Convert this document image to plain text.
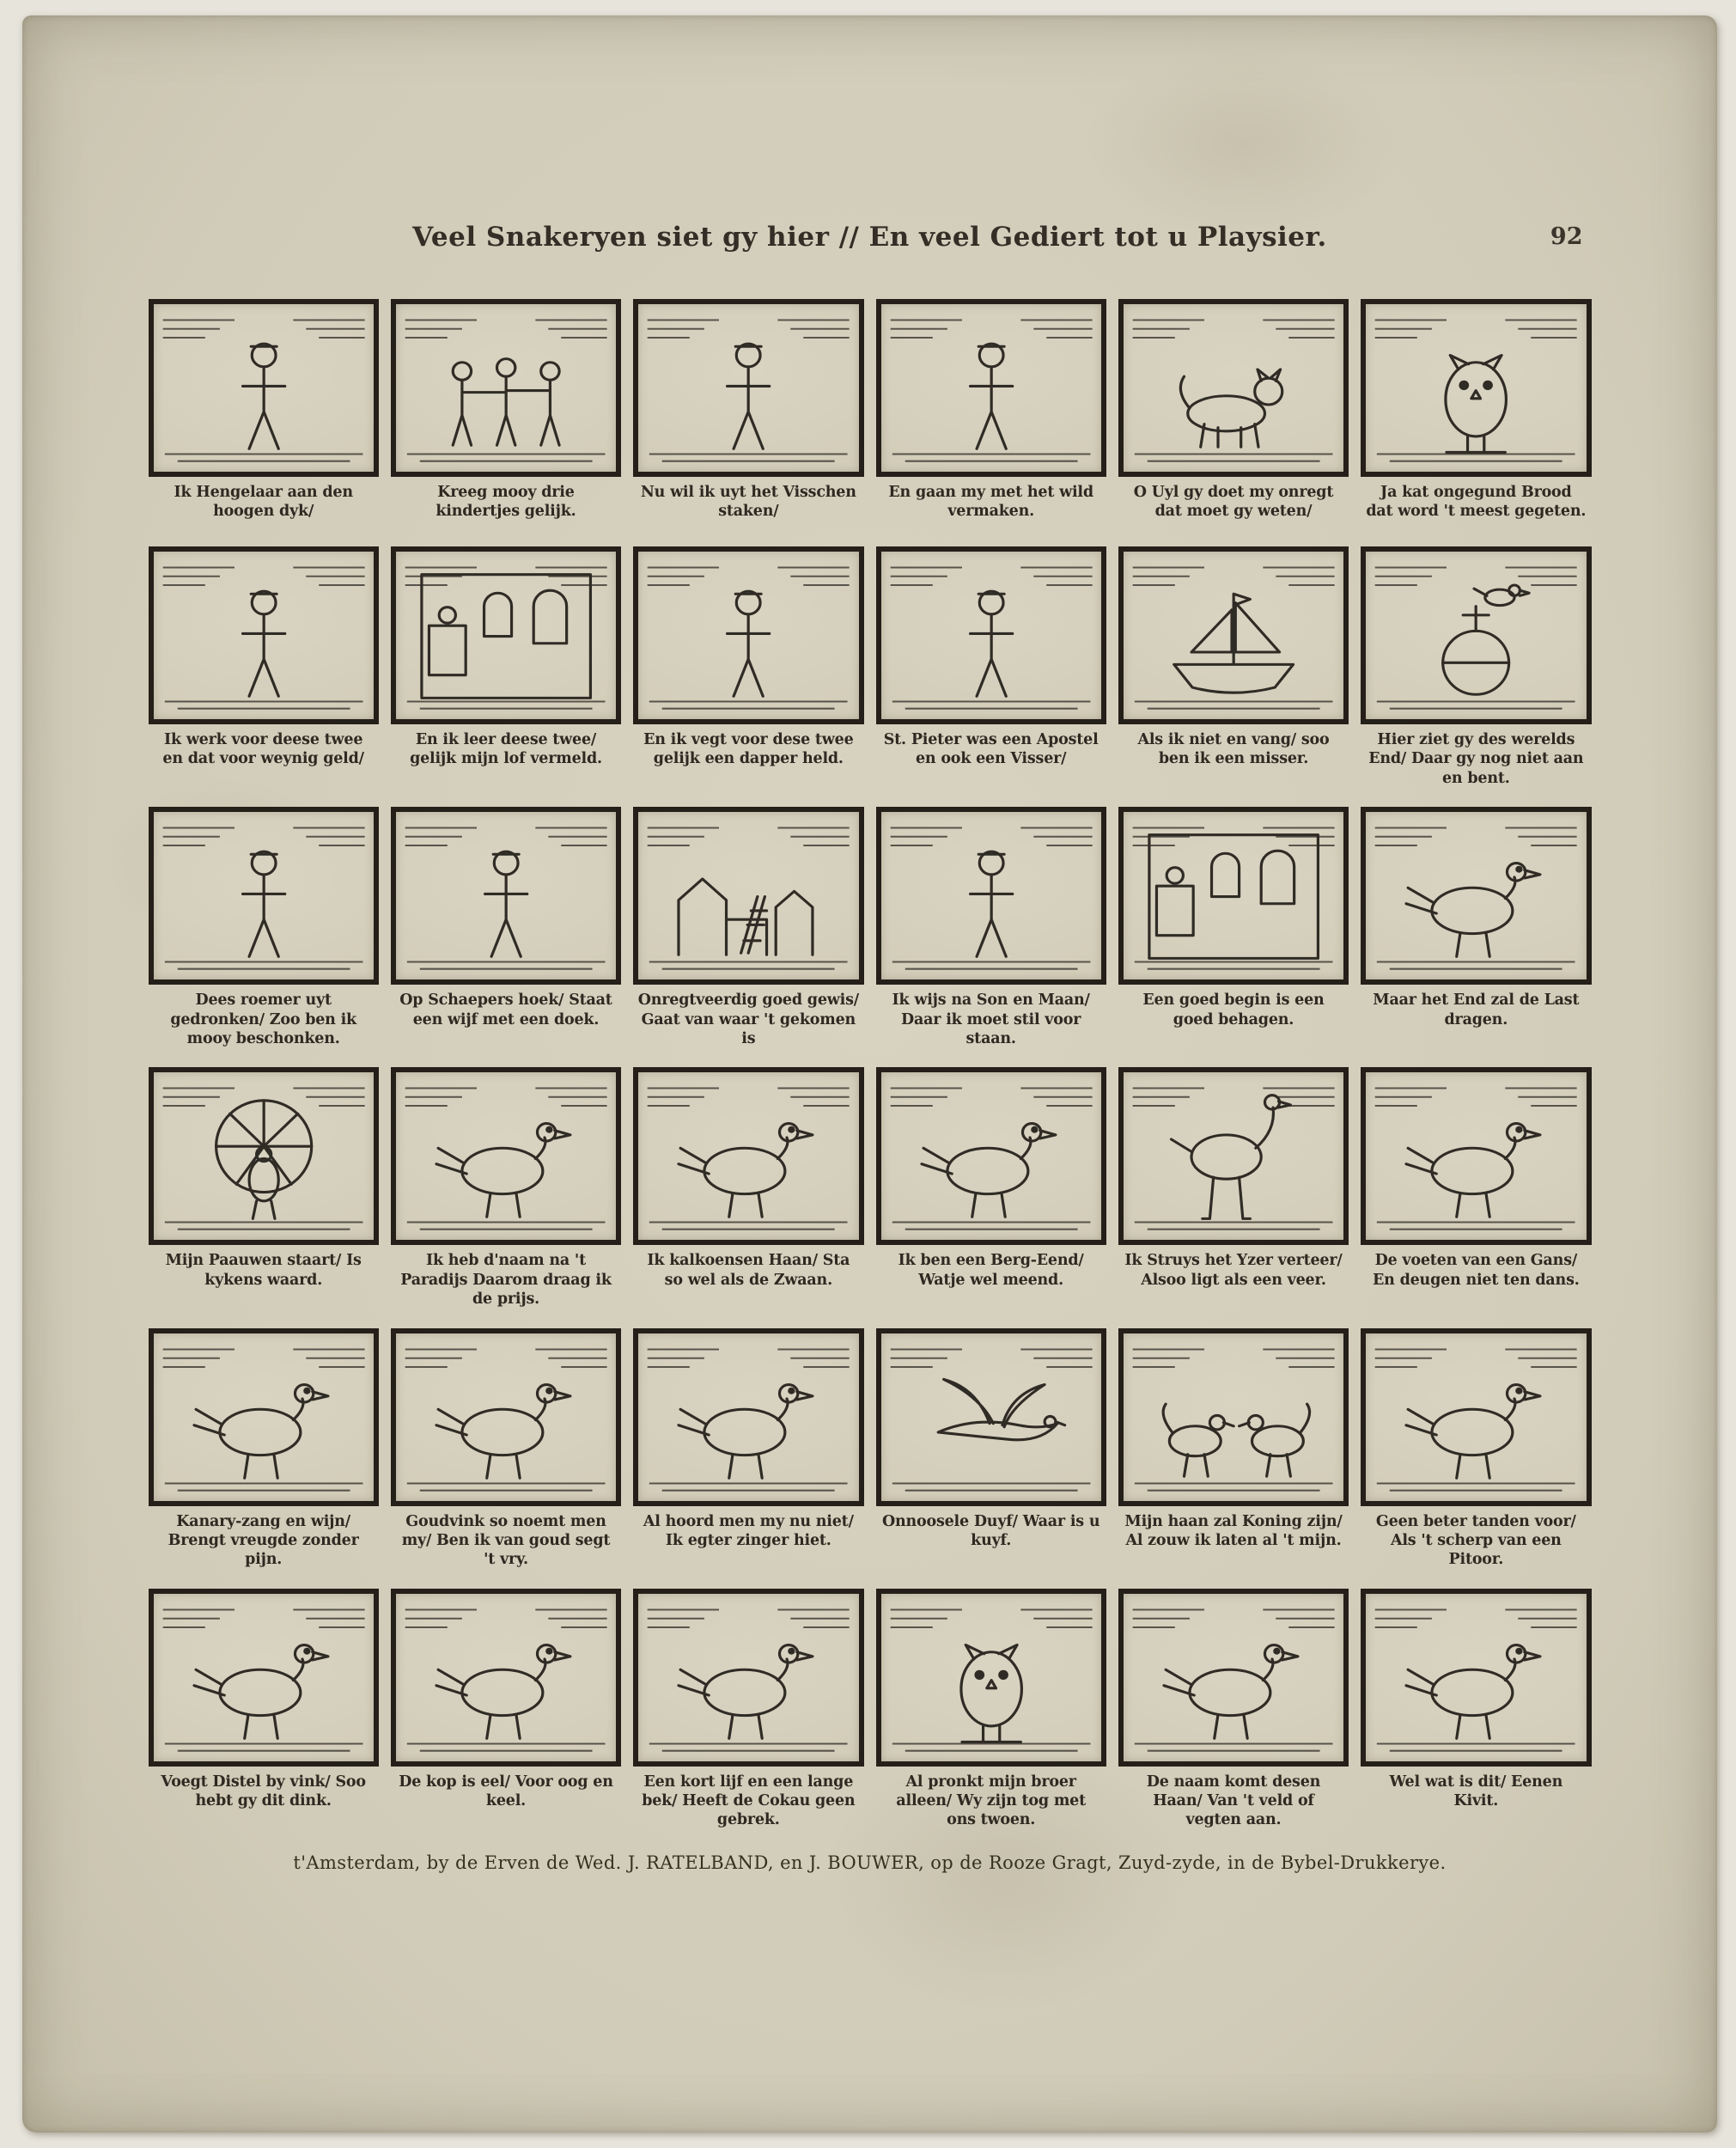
Veel Snakeryen siet gy hier // En veel Gediert tot u Playsier.	92
Ik Hengelaar aan den hoogen dyk/
Kreeg mooy drie kindertjes gelijk.
Nu wil ik uyt het Visschen staken/
En gaan my met het wild vermaken.
O Uyl gy doet my onregt dat moet gy weten/
Ja kat ongegund Brood dat word 't meest gegeten.
Ik werk voor deese twee en dat voor weynig geld/
En ik leer deese twee/ gelijk mijn lof vermeld.
En ik vegt voor dese twee gelijk een dapper held.
St. Pieter was een Apostel en ook een Visser/
Als ik niet en vang/ soo ben ik een misser.
Hier ziet gy des werelds End/ Daar gy nog niet aan en bent.
Dees roemer uyt gedronken/ Zoo ben ik mooy beschonken.
Op Schaepers hoek/ Staat een wijf met een doek.
Onregtveerdig goed gewis/ Gaat van waar 't gekomen is
Ik wijs na Son en Maan/ Daar ik moet stil voor staan.
Een goed begin is een goed behagen.
Maar het End zal de Last dragen.
Mijn Paauwen staart/ Is kykens waard.
Ik heb d'naam na 't Paradijs Daarom draag ik de prijs.
Ik kalkoensen Haan/ Sta so wel als de Zwaan.
Ik ben een Berg-Eend/ Watje wel meend.
Ik Struys het Yzer verteer/ Alsoo ligt als een veer.
De voeten van een Gans/ En deugen niet ten dans.
Kanary-zang en wijn/ Brengt vreugde zonder pijn.
Goudvink so noemt men my/ Ben ik van goud segt 't vry.
Al hoord men my nu niet/ Ik egter zinger hiet.
Onnoosele Duyf/ Waar is u kuyf.
Mijn haan zal Koning zijn/ Al zouw ik laten al 't mijn.
Geen beter tanden voor/ Als 't scherp van een Pitoor.
Voegt Distel by vink/ Soo hebt gy dit dink.
De kop is eel/ Voor oog en keel.
Een kort lijf en een lange bek/ Heeft de Cokau geen gebrek.
Al pronkt mijn broer alleen/ Wy zijn tog met ons twoen.
De naam komt desen Haan/ Van 't veld of vegten aan.
Wel wat is dit/ Eenen Kivit.
t'Amsterdam, by de Erven de Wed. J. RATELBAND, en J. BOUWER, op de Rooze Gragt, Zuyd-zyde, in de Bybel-Drukkerye.
